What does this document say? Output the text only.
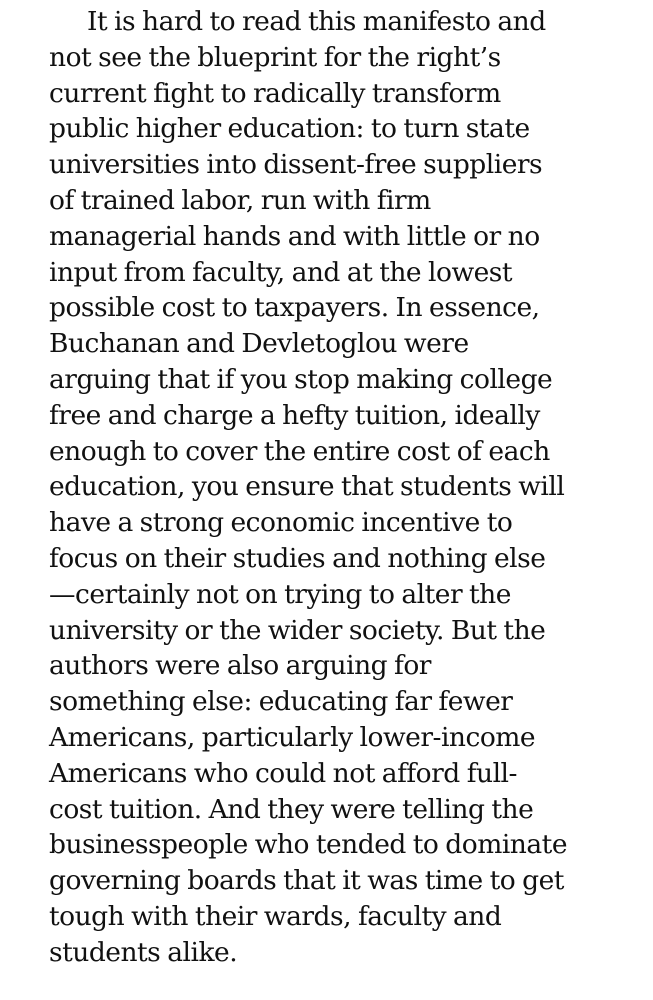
It is hard to read this manifesto and
not see the blueprint for the right’s
current fight to radically transform
public higher education: to turn state
universities into dissent-free suppliers
of trained labor, run with firm
managerial hands and with little or no
input from faculty, and at the lowest
possible cost to taxpayers. In essence,
Buchanan and Devletoglou were
arguing that if you stop making college
free and charge a hefty tuition, ideally
enough to cover the entire cost of each
education, you ensure that students will
have a strong economic incentive to
focus on their studies and nothing else
—certainly not on trying to alter the
university or the wider society. But the
authors were also arguing for
something else: educating far fewer
Americans, particularly lower-income
Americans who could not afford full-
cost tuition. And they were telling the
businesspeople who tended to dominate
governing boards that it was time to get
tough with their wards, faculty and
students alike.
